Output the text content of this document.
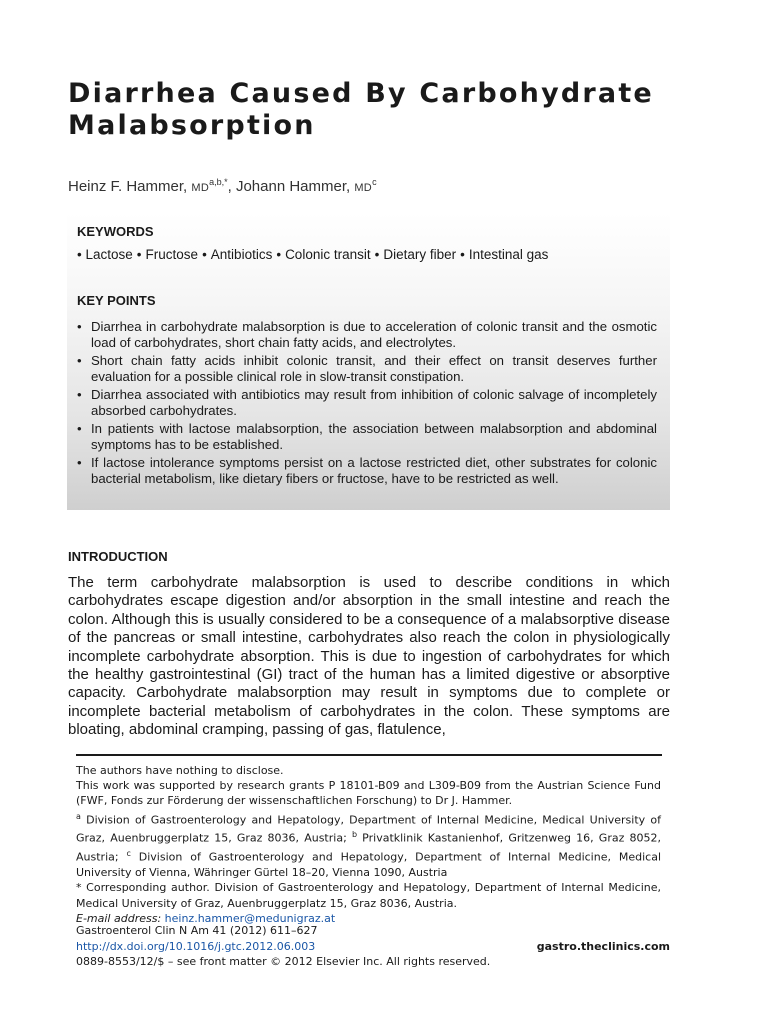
Diarrhea Caused By Carbohydrate
Malabsorption

Heinz F. Hammer, $MD^{a,b,*}$, Johann Hammer, $MD^c$

KEYWORDS
• Lactose • Fructose • Antibiotics • Colonic transit • Dietary fiber • Intestinal gas
KEY POINTS
• Diarrhea in carbohydrate malabsorption is due to acceleration of colonic transit and the osmotic load of carbohydrates, short chain fatty acids, and electrolytes.
• Short chain fatty acids inhibit colonic transit, and their effect on transit deserves further evaluation for a possible clinical role in slow-transit constipation.
• Diarrhea associated with antibiotics may result from inhibition of colonic salvage of incompletely absorbed carbohydrates.
• In patients with lactose malabsorption, the association between malabsorption and abdominal symptoms has to be established.
• If lactose intolerance symptoms persist on a lactose restricted diet, other substrates for colonic bacterial metabolism, like dietary fibers or fructose, have to be restricted as well.
INTRODUCTION

The term carbohydrate malabsorption is used to describe conditions in which carbohydrates escape digestion and/or absorption in the small intestine and reach the colon. Although this is usually considered to be a consequence of a malabsorptive disease of the pancreas or small intestine, carbohydrates also reach the colon in physiologically incomplete carbohydrate absorption. This is due to ingestion of carbohydrates for which the healthy gastrointestinal (GI) tract of the human has a limited digestive or absorptive capacity. Carbohydrate malabsorption may result in symptoms due to complete or incomplete bacterial metabolism of carbohydrates in the colon. These symptoms are bloating, abdominal cramping, passing of gas, flatulence,

The authors have nothing to disclose.

This work was supported by research grants P 18101-B09 and L309-B09 from the Austrian Science Fund (FWF, Fonds zur Förderung der wissenschaftlichen Forschung) to Dr J. Hammer.

$^a$ Division of Gastroenterology and Hepatology, Department of Internal Medicine, Medical University of Graz, Auenbruggerplatz 15, Graz 8036, Austria; $^b$ Privatklinik Kastanienhof, Gritzenweg 16, Graz 8052, Austria; $^c$ Division of Gastroenterology and Hepatology, Department of Internal Medicine, Medical University of Vienna, Währinger Gürtel 18–20, Vienna 1090, Austria

* Corresponding author. Division of Gastroenterology and Hepatology, Department of Internal Medicine, Medical University of Graz, Auenbruggerplatz 15, Graz 8036, Austria.

E-mail address: heinz.hammer@medunigraz.at

Gastroenterol Clin N Am 41 (2012) 611–627

http://dx.doi.org/10.1016/j.gtc.2012.06.003

0889-8553/12/$ – see front matter © 2012 Elsevier Inc. All rights reserved.

gastro.theclinics.com
